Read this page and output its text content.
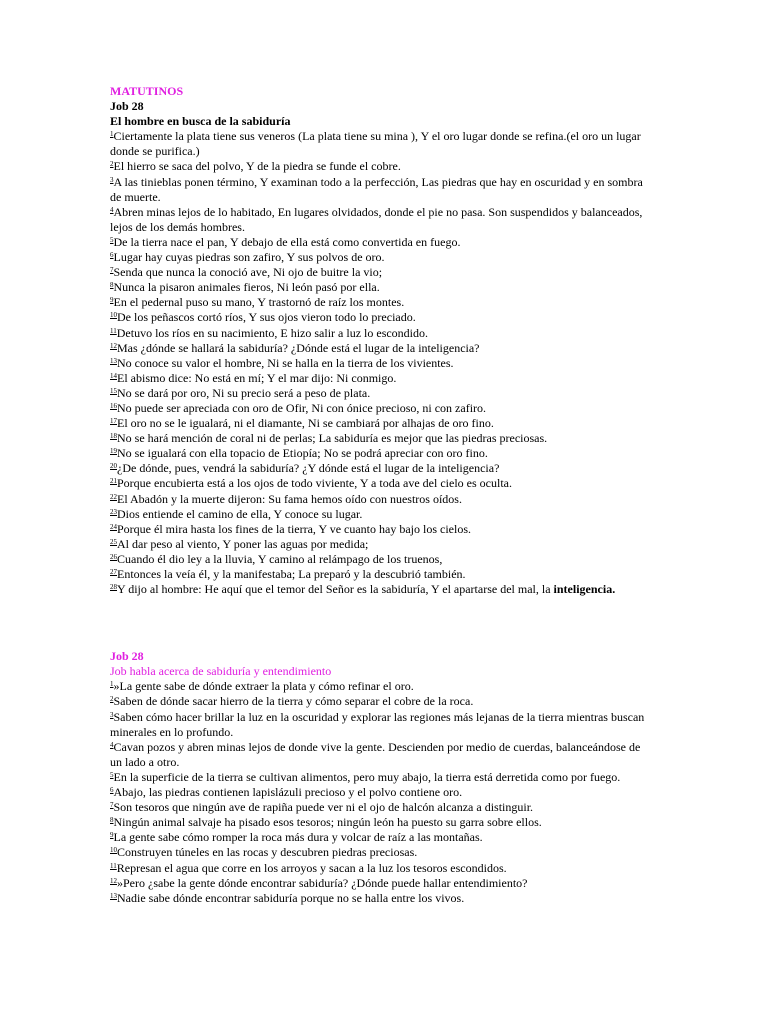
MATUTINOS
Job 28
El hombre en busca de la sabiduría
$^1$Ciertamente la plata tiene sus veneros (La plata tiene su mina ), Y el oro lugar donde se refina.(el oro un lugar donde se purifica.)
$^2$El hierro se saca del polvo, Y de la piedra se funde el cobre.
$^3$A las tinieblas ponen término, Y examinan todo a la perfección, Las piedras que hay en oscuridad y en sombra de muerte.
$^4$Abren minas lejos de lo habitado, En lugares olvidados, donde el pie no pasa. Son suspendidos y balanceados, lejos de los demás hombres.
$^5$De la tierra nace el pan, Y debajo de ella está como convertida en fuego.
$^6$Lugar hay cuyas piedras son zafiro, Y sus polvos de oro.
$^7$Senda que nunca la conoció ave, Ni ojo de buitre la vio;
$^8$Nunca la pisaron animales fieros, Ni león pasó por ella.
$^9$En el pedernal puso su mano, Y trastornó de raíz los montes.
$^{10}$De los peñascos cortó ríos, Y sus ojos vieron todo lo preciado.
$^{11}$Detuvo los ríos en su nacimiento, E hizo salir a luz lo escondido.
$^{12}$Mas ¿dónde se hallará la sabiduría? ¿Dónde está el lugar de la inteligencia?
$^{13}$No conoce su valor el hombre, Ni se halla en la tierra de los vivientes.
$^{14}$El abismo dice: No está en mí; Y el mar dijo: Ni conmigo.
$^{15}$No se dará por oro, Ni su precio será a peso de plata.
$^{16}$No puede ser apreciada con oro de Ofir, Ni con ónice precioso, ni con zafiro.
$^{17}$El oro no se le igualará, ni el diamante, Ni se cambiará por alhajas de oro fino.
$^{18}$No se hará mención de coral ni de perlas; La sabiduría es mejor que las piedras preciosas.
$^{19}$No se igualará con ella topacio de Etiopía; No se podrá apreciar con oro fino.
$^{20}$¿De dónde, pues, vendrá la sabiduría? ¿Y dónde está el lugar de la inteligencia?
$^{21}$Porque encubierta está a los ojos de todo viviente, Y a toda ave del cielo es oculta.
$^{22}$El Abadón y la muerte dijeron: Su fama hemos oído con nuestros oídos.
$^{23}$Dios entiende el camino de ella, Y conoce su lugar.
$^{24}$Porque él mira hasta los fines de la tierra, Y ve cuanto hay bajo los cielos.
$^{25}$Al dar peso al viento, Y poner las aguas por medida;
$^{26}$Cuando él dio ley a la lluvia, Y camino al relámpago de los truenos,
$^{27}$Entonces la veía él, y la manifestaba; La preparó y la descubrió también.
$^{28}$Y dijo al hombre: He aquí que el temor del Señor es la sabiduría, Y el apartarse del mal, la inteligencia.
Job 28
Job habla acerca de sabiduría y entendimiento
$^1$»La gente sabe de dónde extraer la plata y cómo refinar el oro.
$^2$Saben de dónde sacar hierro de la tierra y cómo separar el cobre de la roca.
$^3$Saben cómo hacer brillar la luz en la oscuridad y explorar las regiones más lejanas de la tierra mientras buscan minerales en lo profundo.
$^4$Cavan pozos y abren minas lejos de donde vive la gente. Descienden por medio de cuerdas, balanceándose de un lado a otro.
$^5$En la superficie de la tierra se cultivan alimentos, pero muy abajo, la tierra está derretida como por fuego.
$^6$Abajo, las piedras contienen lapislázuli precioso y el polvo contiene oro.
$^7$Son tesoros que ningún ave de rapiña puede ver ni el ojo de halcón alcanza a distinguir.
$^8$Ningún animal salvaje ha pisado esos tesoros; ningún león ha puesto su garra sobre ellos.
$^9$La gente sabe cómo romper la roca más dura y volcar de raíz a las montañas.
$^{10}$Construyen túneles en las rocas y descubren piedras preciosas.
$^{11}$Represan el agua que corre en los arroyos y sacan a la luz los tesoros escondidos.
$^{12}$»Pero ¿sabe la gente dónde encontrar sabiduría? ¿Dónde puede hallar entendimiento?
$^{13}$Nadie sabe dónde encontrar sabiduría porque no se halla entre los vivos.
